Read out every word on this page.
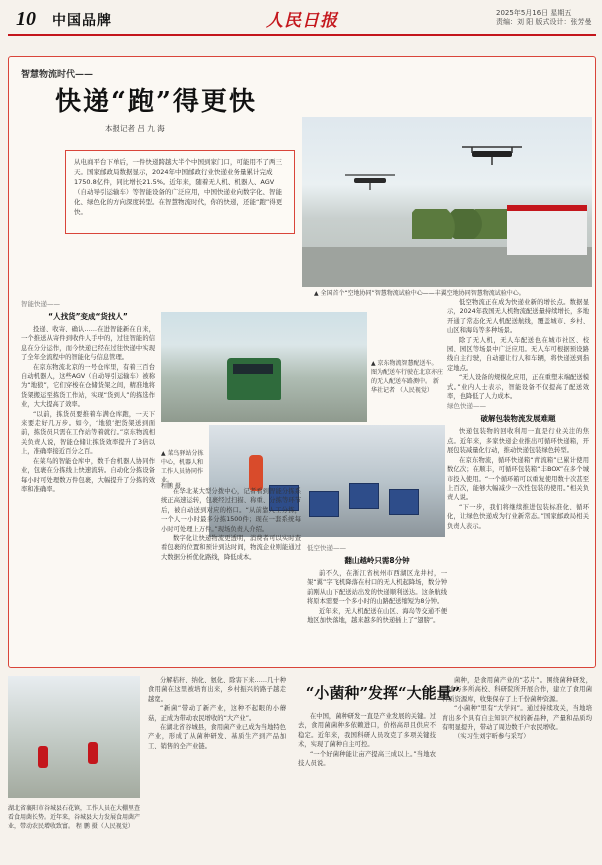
10 中国品牌	人民日报	2025年5月16日 星期五
责编：刘 阳 版式设计：张芳曼
智慧物流时代——
快递“跑”得更快
本报记者 吕 九 海
从电商平台下单后，一件快递跨越大半个中国到家门口，可能用不了两三天。国家邮政局数据显示，2024年中国邮政行业快递业务量累计完成1750.8亿件，同比增长21.5%。近年来，随着无人机、机器人、AGV（自动导引运输车）等智能设备的广泛应用，中国快递业向数字化、智能化、绿色化的方向深度转型。在智慧物流时代，你的快递，还能“跑”得更快。
▲ 全国首个“空地协同”智慧物流试验中心——丰翼空地协同智慧物流试验中心。

智能快递——

“人找货”变成“货找人”

投递、收寄、确认……在进智能新在自来，一个推送从寄件到收件人手中的，过往智能的信息在分分运作，而今快递已经在过往快递中实现了全年全流程中的智能化与信息管理。

在京东物流北京的一号仓库里，有着三百台自动机器人，这些AGV（自动导引运输车）被称为“地狼”，它们穿梭在仓储货架之间，精准地将货架搬运至拣货工作站，实现“货到人”的拣选作业，大大提高了效率。

“以前，拣货员要推着车满仓库跑，一天下来要走好几万步。如今，‘地狼’把货架送到面前，拣货员只需在工作站等着就行。”京东物流相关负责人说，智能仓储让拣货效率提升了3倍以上，准确率接近百分之百。

在菜鸟的智能仓库中，数千台机器人协同作业，包裹在分拣线上快速流转。自动化分拣设备每小时可处理数万件包裹，大幅提升了分拣的效率和准确率。

▲ 京东物流智慧配送车。图为配送车行驶在北京亦庄的无人配送车路测中。 新华社记者 （人民视觉）
▲ 菜鸟驿站分拣中心，机器人和工作人员协同作业。
程鹏 摄

在华北某大型分拨中心，记者看到智能分拣系统正高速运转，包裹经过扫描、称重、分拣等环节后，被自动送到对应的格口。“从前靠人工分拣，一个人一小时最多分拣1500件；现在一套系统每小时可处理上万件。”现场负责人介绍。

数字化让快递物流更透明，消费者可以实时查看包裹的位置和预计到达时间，物流企业则能通过大数据分析优化路线，降低成本。

低空快递——

翻山越岭只需8分钟

前不久，在浙江省杭州市西湖区龙井村，一架“翼”字飞机降落在村口的无人机起降场，数分钟前刚从山下配送站出发的快递顺利送达。这条航线将原本需要一个多小时的山路配送缩短为8分钟。

近年来，无人机配送在山区、海岛等交通不便地区加快落地，越来越多的快递插上了“翅膀”。

低空物流正在成为快递业新的增长点。数据显示，2024年我国无人机物流配送量持续增长，多地开通了常态化无人机配送航线，覆盖城市、乡村、山区和海岛等多种场景。

除了无人机，无人车配送也在城市社区、校园、园区等场景中广泛应用。无人车可根据预设路线自主行驶，自动避让行人和车辆，将快递送到指定地点。

“无人设备的规模化应用，正在重塑末端配送模式。”业内人士表示，智能设备不仅提高了配送效率，也降低了人力成本。

绿色快递——

破解包装物流发展难题

快递包装物的回收利用一直是行业关注的焦点。近年来，多家快递企业推出可循环快递箱，开展包装减量化行动，推动快递包装绿色转型。

在京东物流，循环快递箱“青流箱”已累计使用数亿次；在顺丰，可循环包装箱“丰BOX”在多个城市投入使用。“一个循环箱可以重复使用数十次甚至上百次，能够大幅减少一次性包装的使用。”相关负责人说。

“下一步，我们将继续推进包装标准化、循环化，让绿色快递成为行业新常态。”国家邮政局相关负责人表示。

湖北省襄阳市谷城县石花镇，工作人员在大棚里查看食用菌长势。近年来，谷城县大力发展食用菌产业，带动农民增收致富。 程 鹏 摄（人民视觉）

分解秸秆、纳化、氨化、除害下来……几十种食用菌在这里被培育出来，乡村振兴的路子越走越宽。

“新菌”带动了新产业，这种不起眼的小蘑菇，正成为带动农民增收的“大产业”。

在湖北省谷城县，食用菌产业已成为当地特色产业，形成了从菌种研发、基质生产到产品加工、销售的全产业链。

“小菌种”发挥“大能量”

在中国，菌种研发一直是产业发展的关键。过去，食用菌菌种多依赖进口，价格高昂且供应不稳定。近年来，我国科研人员攻克了多项关键技术，实现了菌种自主可控。

“一个好菌种能让亩产提高三成以上。”当地农技人员说。

菌种，是食用菌产业的“芯片”。围绕菌种研发，当地与多所高校、科研院所开展合作，建立了食用菌种质资源库，收集保存了上千份菌种资源。

“小菌种”里有“大学问”。通过持续攻关，当地培育出多个具有自主知识产权的新品种，产量和品质均有明显提升，带动了周边数千户农民增收。

（实习生刘宇昕参与采写）
